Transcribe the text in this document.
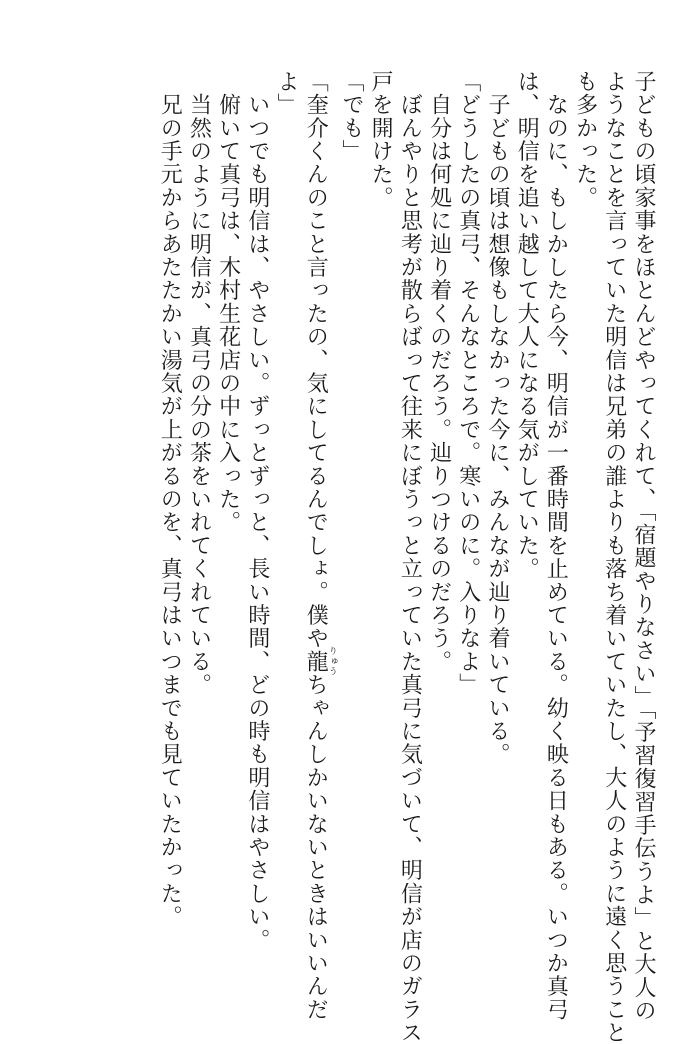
子どもの頃家事をほとんどやってくれて、「宿題やりなさい」「予習復習手伝うよ」と大人の
ようなことを言っていた明信は兄弟の誰よりも落ち着いていたし、大人のように遠く思うこと
も多かった。
　なのに、もしかしたら今、明信が一番時間を止めている。幼く映る日もある。いつか真弓
は、明信を追い越して大人になる気がしていた。
　子どもの頃は想像もしなかった今に、みんなが辿り着いている。
「どうしたの真弓、そんなところで。寒いのに。入りなよ」
　自分は何処に辿り着くのだろう。辿りつけるのだろう。
　ぼんやりと思考が散らばって往来にぼうっと立っていた真弓に気づいて、明信が店のガラス
戸を開けた。
「でも」
「奎介くんのこと言ったの、気にしてるんでしょ。僕や龍りゅうちゃんしかいないときはいいんだ
よ」
　いつでも明信は、やさしい。ずっとずっと、長い時間、どの時も明信はやさしい。
　俯いて真弓は、木村生花店の中に入った。
　当然のように明信が、真弓の分の茶をいれてくれている。
　兄の手元からあたたかい湯気が上がるのを、真弓はいつまでも見ていたかった。
